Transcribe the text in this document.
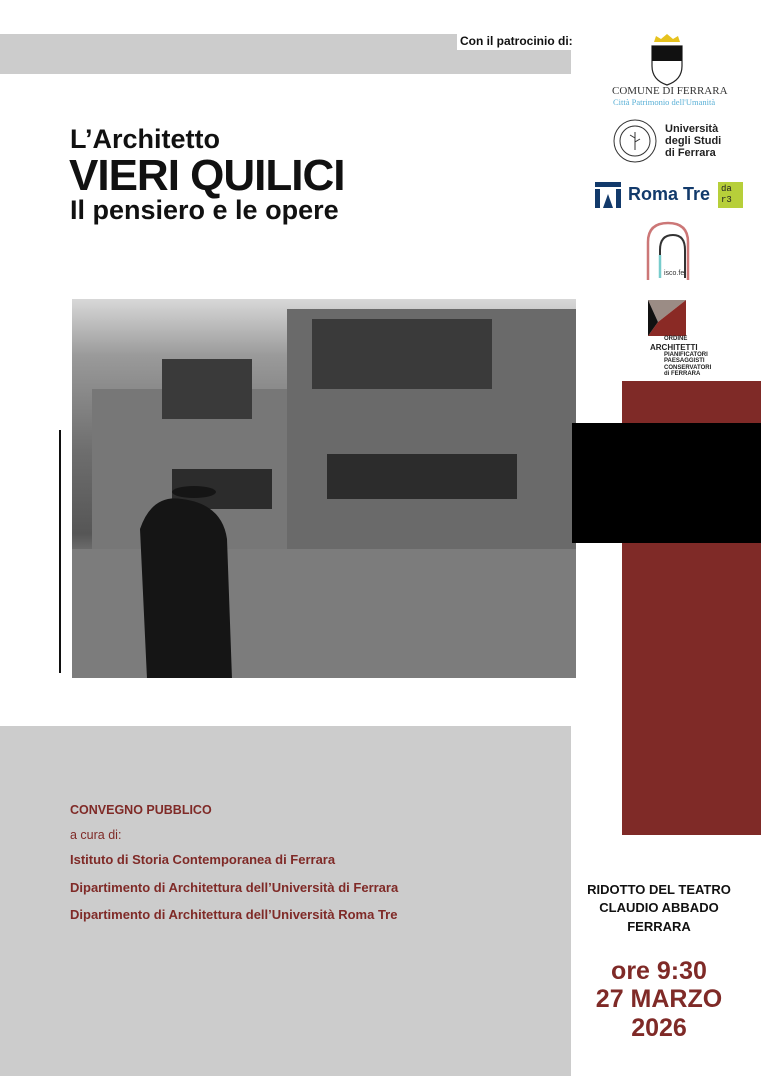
Con il patrocinio di:
L’Architetto
VIERI QUILICI
Il pensiero e le opere
COMUNE DI FERRARA
Città Patrimonio dell'Umanità
Università
degli Studi
di Ferrara
Roma Tre	da r3
isco.fe
ORDINE
ARCHITETTI
PIANIFICATORI
PAESAGGISTI
CONSERVATORI
di FERRARA
CONVEGNO PUBBLICO
a cura di:
Istituto di Storia Contemporanea di Ferrara
Dipartimento di Architettura dell’Università di Ferrara
Dipartimento di Architettura dell’Università Roma Tre
RIDOTTO DEL TEATRO
CLAUDIO ABBADO
FERRARA
ore 9:30
27 MARZO
2026
